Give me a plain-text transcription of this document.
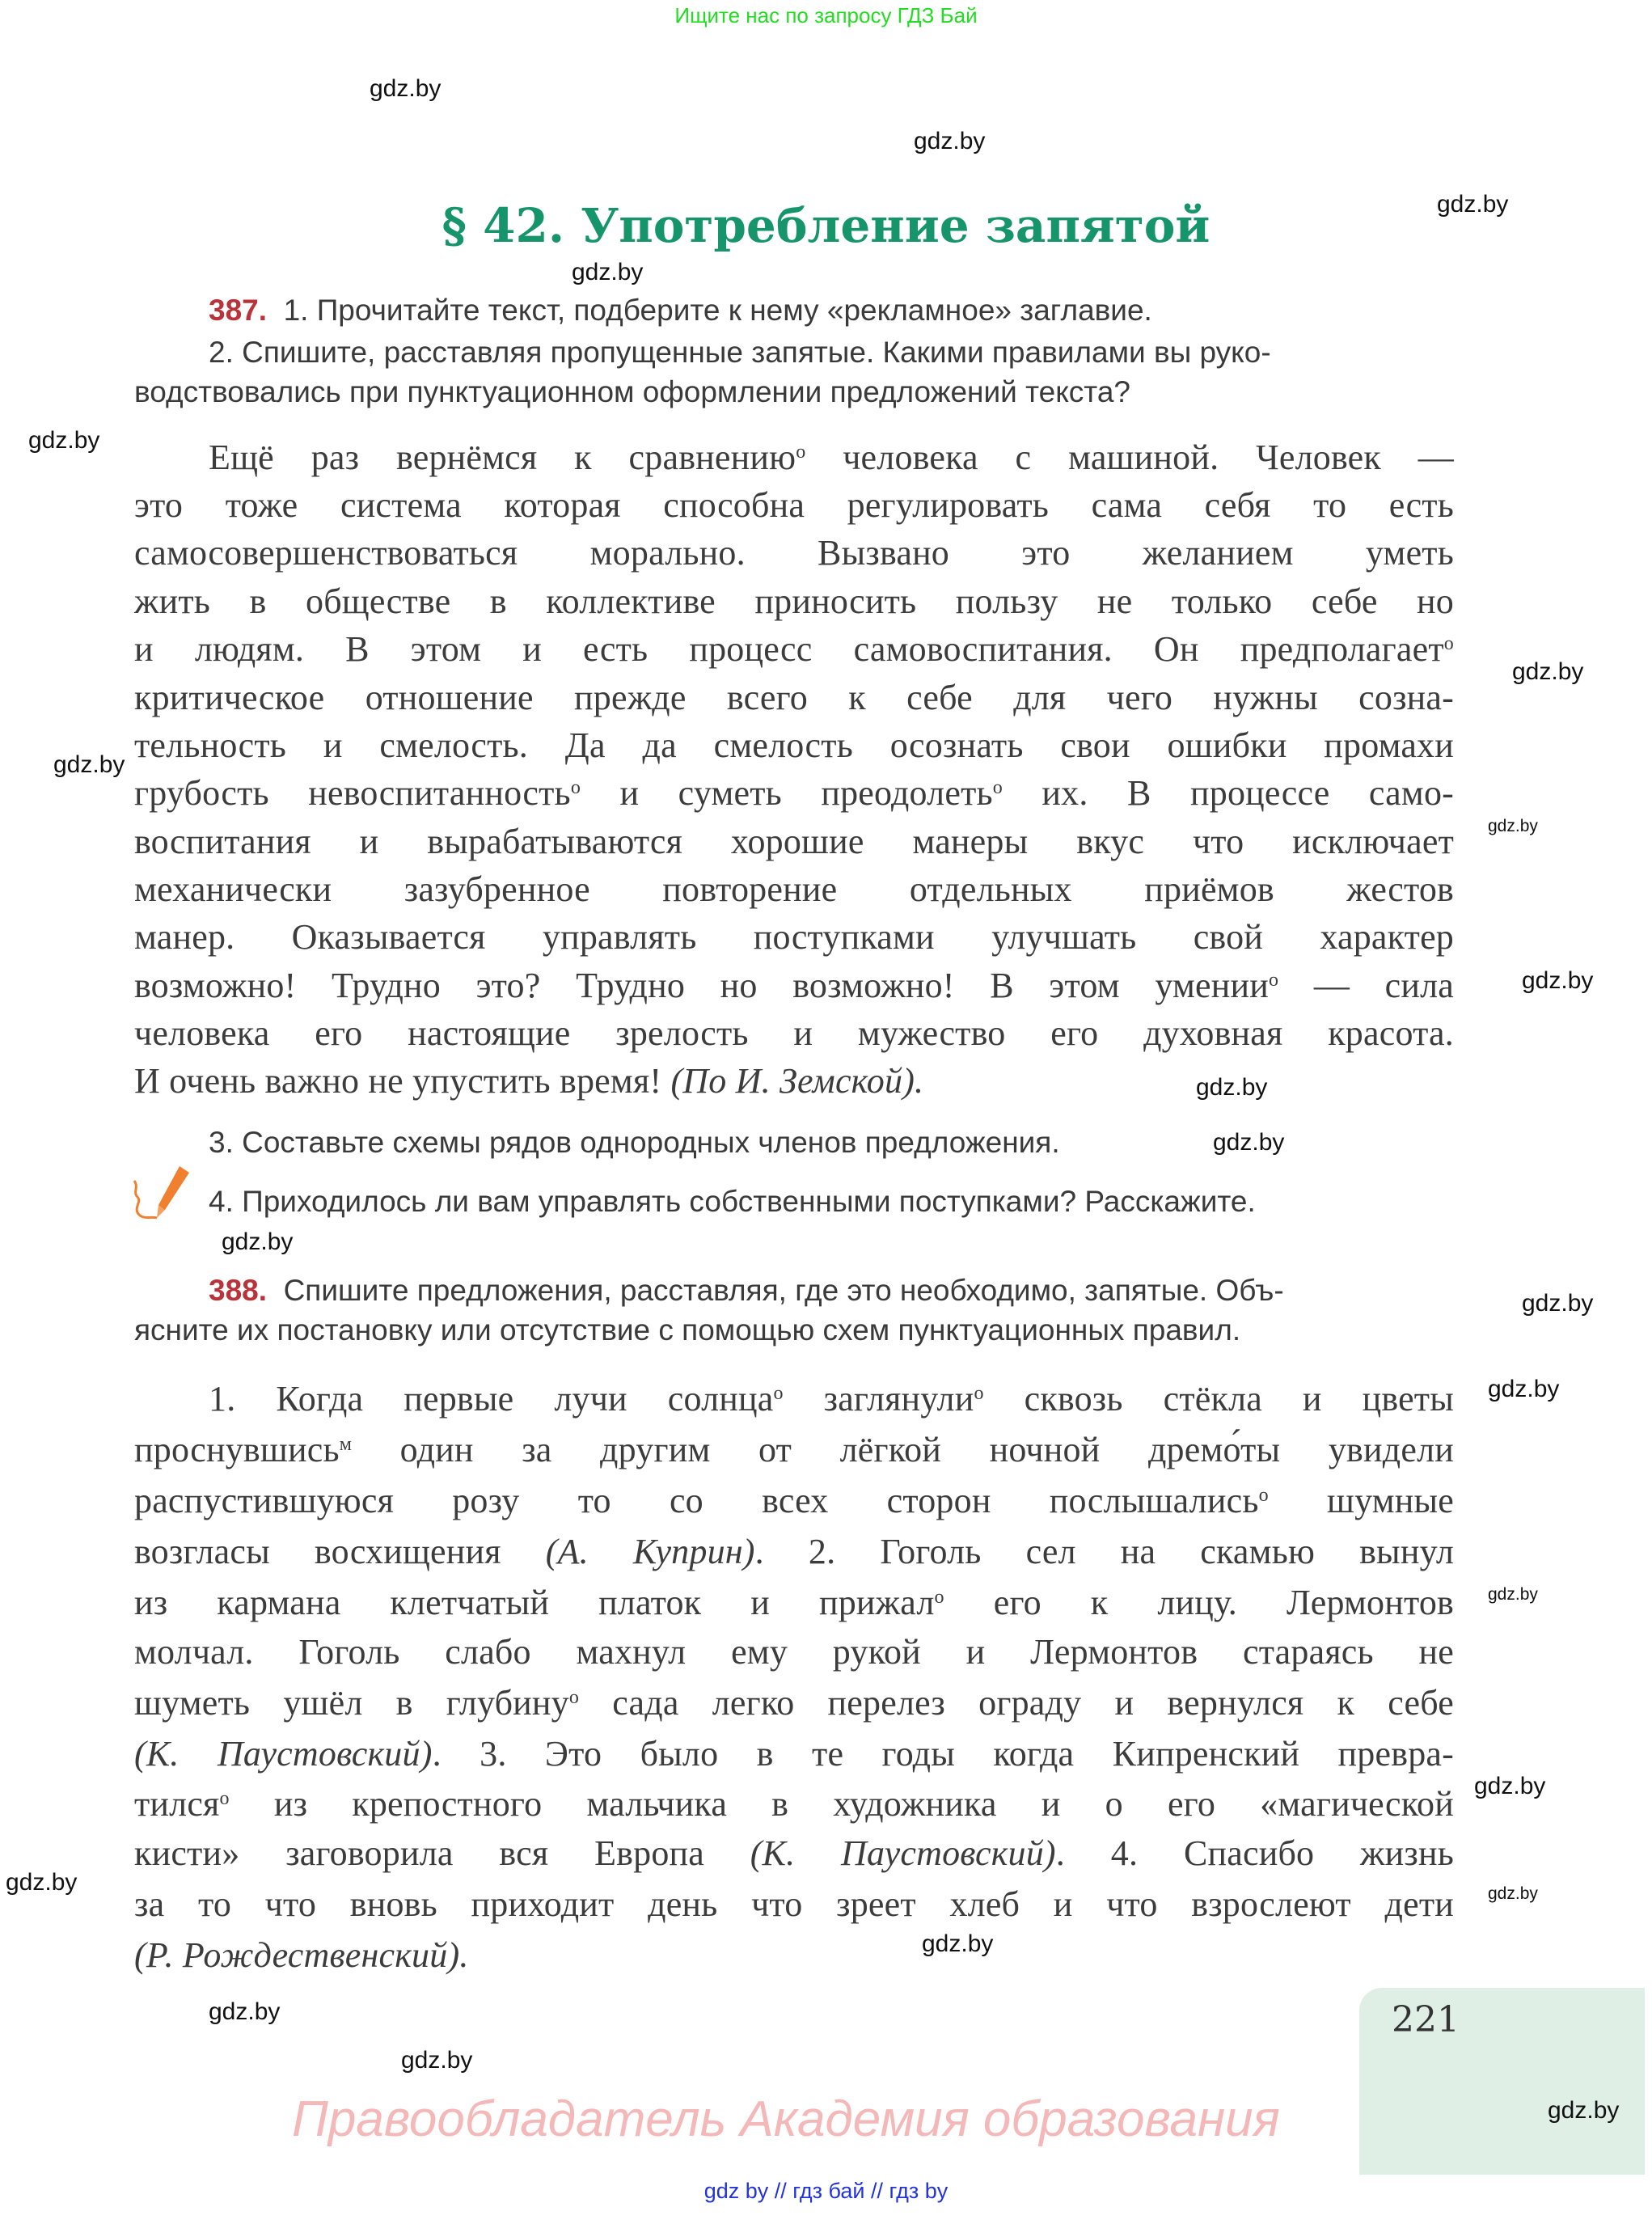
Ищите нас по запросу ГДЗ Бай
§ 42. Употребление запятой
387. 1. Прочитайте текст, подберите к нему «рекламное» заглавие.
2. Спишите, расставляя пропущенные запятые. Какими правилами вы руко-
водствовались при пунктуационном оформлении предложений текста?
Ещё раз вернёмся к сравнению$^о$ человека с машиной. Человек —
это тоже система которая способна регулировать сама себя то есть
самосовершенствоваться морально. Вызвано это желанием уметь
жить в обществе в коллективе приносить пользу не только себе но
и людям. В этом и есть процесс самовоспитания. Он предполагает$^о$
критическое отношение прежде всего к себе для чего нужны созна-
тельность и смелость. Да да смелость осознать свои ошибки промахи
грубость невоспитанность$^о$ и суметь преодолеть$^о$ их. В процессе само-
воспитания и вырабатываются хорошие манеры вкус что исключает
механически зазубренное повторение отдельных приёмов жестов
манер. Оказывается управлять поступками улучшать свой характер
возможно! Трудно это? Трудно но возможно! В этом умении$^о$ — сила
человека его настоящие зрелость и мужество его духовная красота.
И очень важно не упустить время! (По И. Земской).
3. Составьте схемы рядов однородных членов предложения.
4. Приходилось ли вам управлять собственными поступками? Расскажите.
388. Спишите предложения, расставляя, где это необходимо, запятые. Объ-
ясните их постановку или отсутствие с помощью схем пунктуационных правил.
1. Когда первые лучи солнца$^о$ заглянули$^о$ сквозь стёкла и цветы
проснувшись$^м$ один за другим от лёгкой ночной дремо́ты увидели
распустившуюся розу то со всех сторон послышались$^о$ шумные
возгласы восхищения (А. Куприн). 2. Гоголь сел на скамью вынул
из кармана клетчатый платок и прижал$^о$ его к лицу. Лермонтов
молчал. Гоголь слабо махнул ему рукой и Лермонтов стараясь не
шуметь ушёл в глубину$^о$ сада легко перелез ограду и вернулся к себе
(К. Паустовский). 3. Это было в те годы когда Кипренский превра-
тился$^о$ из крепостного мальчика в художника и о его «магической
кисти» заговорила вся Европа (К. Паустовский). 4. Спасибо жизнь
за то что вновь приходит день что зреет хлеб и что взрослеют дети
(Р. Рождественский).
gdz.by
gdz.by
gdz.by
gdz.by
gdz.by
gdz.by
gdz.by
gdz.by
gdz.by
gdz.by
gdz.by
gdz.by
gdz.by
gdz.by
gdz.by
gdz.by
gdz.by
gdz.by
gdz.by
gdz.by
gdz.by
gdz.by
221
Правообладатель Академия образования
gdz by // гдз бай // гдз by
